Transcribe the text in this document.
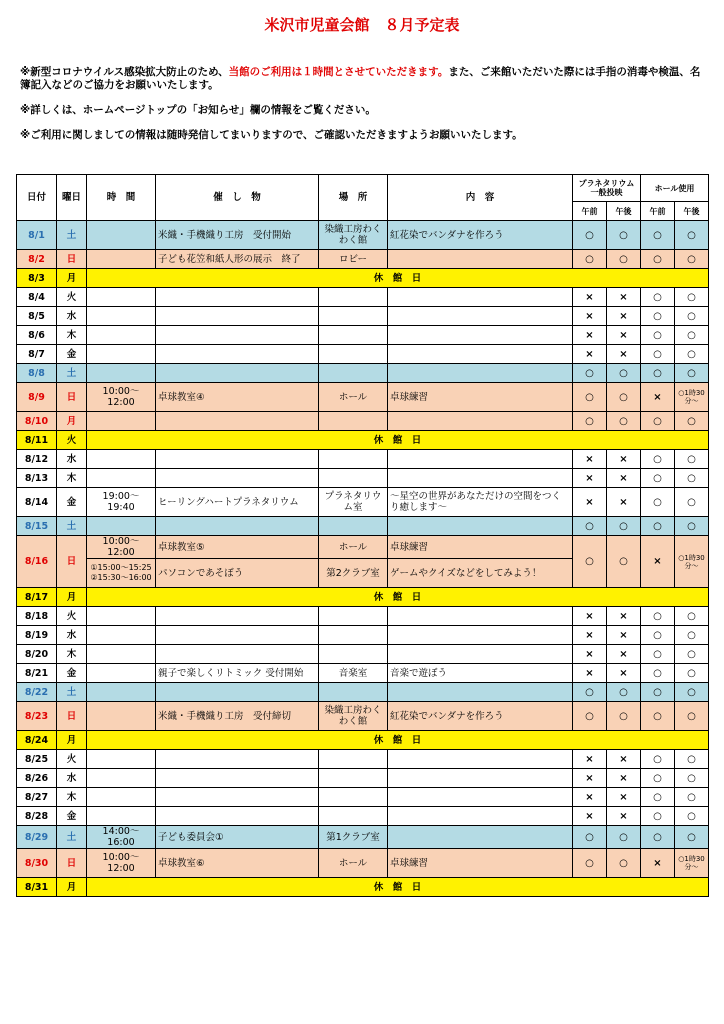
米沢市児童会館　８月予定表

※新型コロナウイルス感染拡大防止のため、当館のご利用は１時間とさせていただきます。また、ご来館いただいた際には手指の消毒や検温、名簿記入などのご協力をお願いいたします。

※詳しくは、ホームページトップの「お知らせ」欄の情報をご覧ください。

※ご利用に関しましての情報は随時発信してまいりますので、ご確認いただきますようお願いいたします。

日付	曜日	時　間	催　し　物	場　所	内　容	プラネタリウム一般投映		ホール使用	
						午前	午後	午前	午後
8/1	土		米織・手機織り工房　受付開始	染織工房わくわく館	紅花染でバンダナを作ろう	○	○	○	○
8/2	日		子ども花笠和紙人形の展示　終了	ロビー		○	○	○	○
8/3	月	休　館　日							
8/4	火					×	×	○	○
8/5	水					×	×	○	○
8/6	木					×	×	○	○
8/7	金					×	×	○	○
8/8	土					○	○	○	○
8/9	日	10:00～12:00	卓球教室④	ホール	卓球練習	○	○	×	○1時30分～

8/10	月					○	○	○	○
8/11	火	休　館　日							
8/12	水					×	×	○	○
8/13	木					×	×	○	○
8/14	金	19:00～19:40	ヒーリングハートプラネタリウム	プラネタリウム室	～星空の世界があなただけの空間をつくり癒します～	×	×	○	○
8/15	土					○	○	○	○
8/16	日	10:00～12:00	卓球教室⑤	ホール	卓球練習	○	○	×	○1時30分～

		①15:00～15:25
②15:30～16:00	パソコンであそぼう	第2クラブ室	ゲームやクイズなどをしてみよう！				
8/17	月	休　館　日							
8/18	火					×	×	○	○
8/19	水					×	×	○	○
8/20	木					×	×	○	○
8/21	金		親子で楽しくリトミック 受付開始	音楽室	音楽で遊ぼう	×	×	○	○
8/22	土					○	○	○	○
8/23	日		米織・手機織り工房　受付締切	染織工房わくわく館	紅花染でバンダナを作ろう	○	○	○	○
8/24	月	休　館　日							
8/25	火					×	×	○	○
8/26	水					×	×	○	○
8/27	木					×	×	○	○
8/28	金					×	×	○	○
8/29	土	14:00～16:00	子ども委員会①	第1クラブ室		○	○	○	○
8/30	日	10:00～12:00	卓球教室⑥	ホール	卓球練習	○	○	×	○1時30分～

8/31	月	休　館　日							
